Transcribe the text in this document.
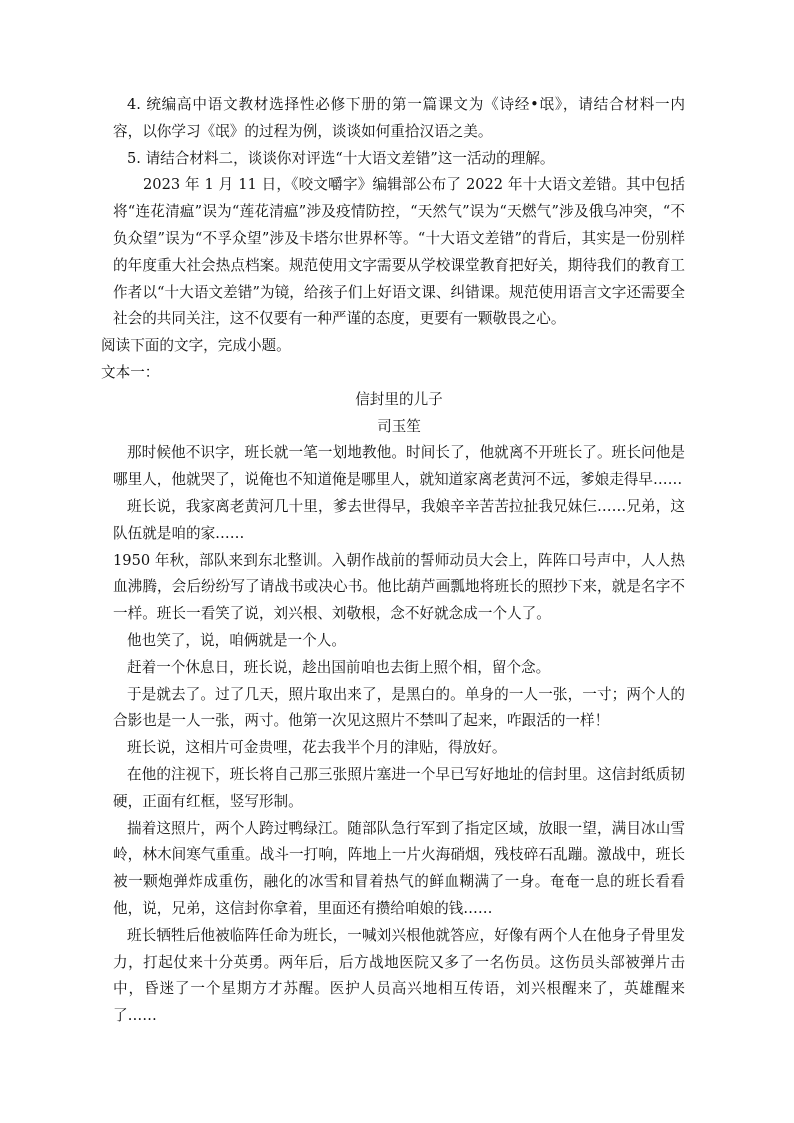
4. 统编高中语文教材选择性必修下册的第一篇课文为《诗经•氓》，请结合材料一内容，以你学习《氓》的过程为例，谈谈如何重拾汉语之美。

5. 请结合材料二，谈谈你对评选“十大语文差错”这一活动的理解。

2023 年 1 月 11 日，《咬文嚼字》编辑部公布了 2022 年十大语文差错。其中包括将“连花清瘟”误为“莲花清瘟”涉及疫情防控，“天然气”误为“天燃气”涉及俄乌冲突，“不负众望”误为“不孚众望”涉及卡塔尔世界杯等。“十大语文差错”的背后，其实是一份别样的年度重大社会热点档案。规范使用文字需要从学校课堂教育把好关，期待我们的教育工作者以“十大语文差错”为镜，给孩子们上好语文课、纠错课。规范使用语言文字还需要全社会的共同关注，这不仅要有一种严谨的态度，更要有一颗敬畏之心。

阅读下面的文字，完成小题。

文本一：

信封里的儿子

司玉笙

那时候他不识字，班长就一笔一划地教他。时间长了，他就离不开班长了。班长问他是哪里人，他就哭了，说俺也不知道俺是哪里人，就知道家离老黄河不远，爹娘走得早……

班长说，我家离老黄河几十里，爹去世得早，我娘辛辛苦苦拉扯我兄妹仨……兄弟，这队伍就是咱的家……

1950 年秋，部队来到东北整训。入朝作战前的誓师动员大会上，阵阵口号声中，人人热血沸腾，会后纷纷写了请战书或决心书。他比葫芦画瓢地将班长的照抄下来，就是名字不一样。班长一看笑了说，刘兴根、刘敬根，念不好就念成一个人了。

他也笑了，说，咱俩就是一个人。

赶着一个休息日，班长说，趁出国前咱也去街上照个相，留个念。

于是就去了。过了几天，照片取出来了，是黑白的。单身的一人一张，一寸；两个人的合影也是一人一张，两寸。他第一次见这照片不禁叫了起来，咋跟活的一样！

班长说，这相片可金贵哩，花去我半个月的津贴，得放好。

在他的注视下，班长将自己那三张照片塞进一个早已写好地址的信封里。这信封纸质韧硬，正面有红框，竖写形制。

揣着这照片，两个人跨过鸭绿江。随部队急行军到了指定区域，放眼一望，满目冰山雪岭，林木间寒气重重。战斗一打响，阵地上一片火海硝烟，残枝碎石乱蹦。激战中，班长被一颗炮弹炸成重伤，融化的冰雪和冒着热气的鲜血糊满了一身。奄奄一息的班长看看他，说，兄弟，这信封你拿着，里面还有攒给咱娘的钱……

班长牺牲后他被临阵任命为班长，一喊刘兴根他就答应，好像有两个人在他身子骨里发力，打起仗来十分英勇。两年后，后方战地医院又多了一名伤员。这伤员头部被弹片击中，昏迷了一个星期方才苏醒。医护人员高兴地相互传语，刘兴根醒来了，英雄醒来了……
